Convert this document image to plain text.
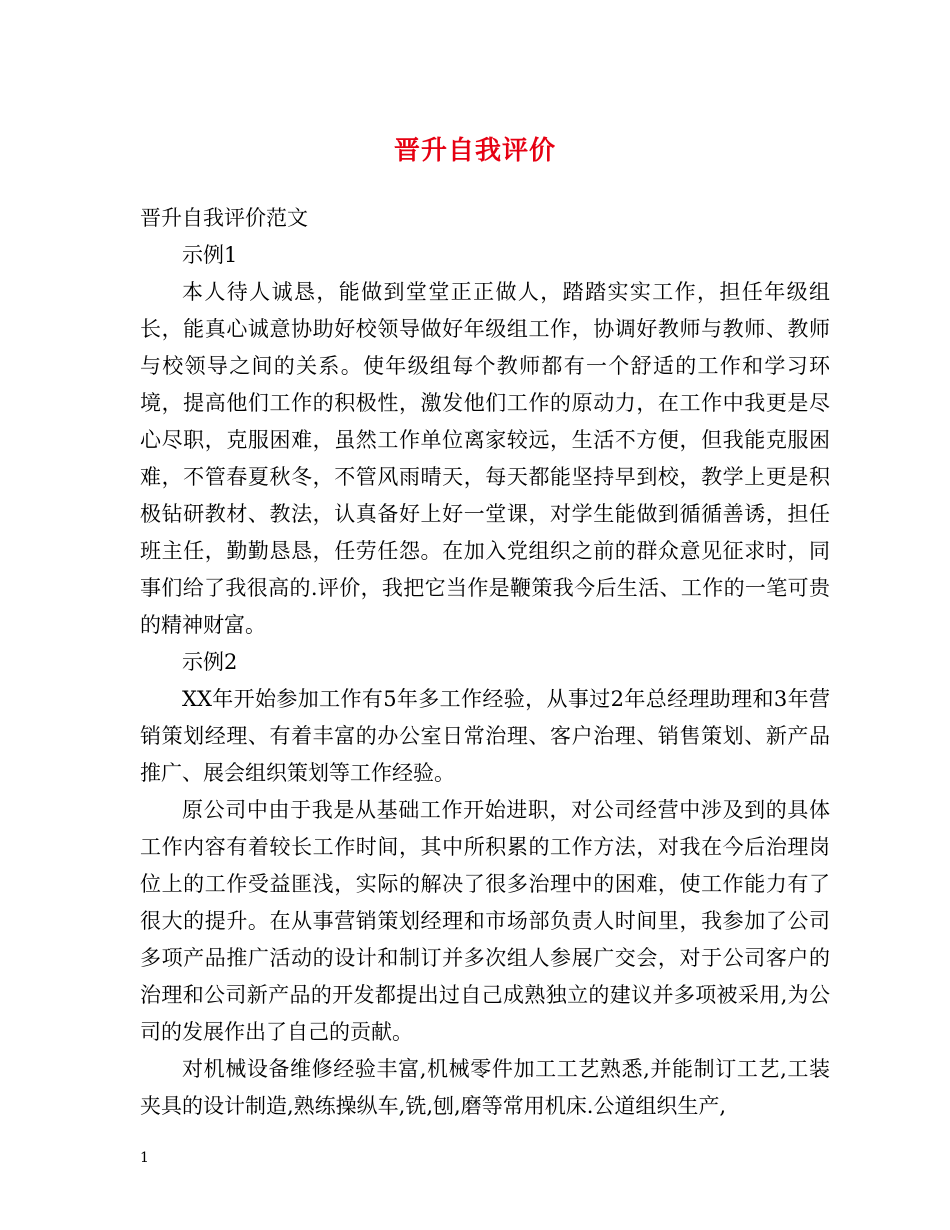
晋升自我评价

晋升自我评价范文

示例1

本人待人诚恳，能做到堂堂正正做人，踏踏实实工作，担任年级组长，能真心诚意协助好校领导做好年级组工作，协调好教师与教师、教师与校领导之间的关系。使年级组每个教师都有一个舒适的工作和学习环境，提高他们工作的积极性，激发他们工作的原动力，在工作中我更是尽心尽职，克服困难，虽然工作单位离家较远，生活不方便，但我能克服困难，不管春夏秋冬，不管风雨晴天，每天都能坚持早到校，教学上更是积极钻研教材、教法，认真备好上好一堂课，对学生能做到循循善诱，担任班主任，勤勤恳恳，任劳任怨。在加入党组织之前的群众意见征求时，同事们给了我很高的.评价，我把它当作是鞭策我今后生活、工作的一笔可贵的精神财富。

示例2

XX年开始参加工作有5年多工作经验，从事过2年总经理助理和3年营销策划经理、有着丰富的办公室日常治理、客户治理、销售策划、新产品推广、展会组织策划等工作经验。

原公司中由于我是从基础工作开始进职，对公司经营中涉及到的具体工作内容有着较长工作时间，其中所积累的工作方法，对我在今后治理岗位上的工作受益匪浅，实际的解决了很多治理中的困难，使工作能力有了很大的提升。在从事营销策划经理和市场部负责人时间里，我参加了公司多项产品推广活动的设计和制订并多次组人参展广交会，对于公司客户的治理和公司新产品的开发都提出过自己成熟独立的建议并多项被采用,为公司的发展作出了自己的贡献。

对机械设备维修经验丰富,机械零件加工工艺熟悉,并能制订工艺,工装夹具的设计制造,熟练操纵车,铣,刨,磨等常用机床.公道组织生产,

1
